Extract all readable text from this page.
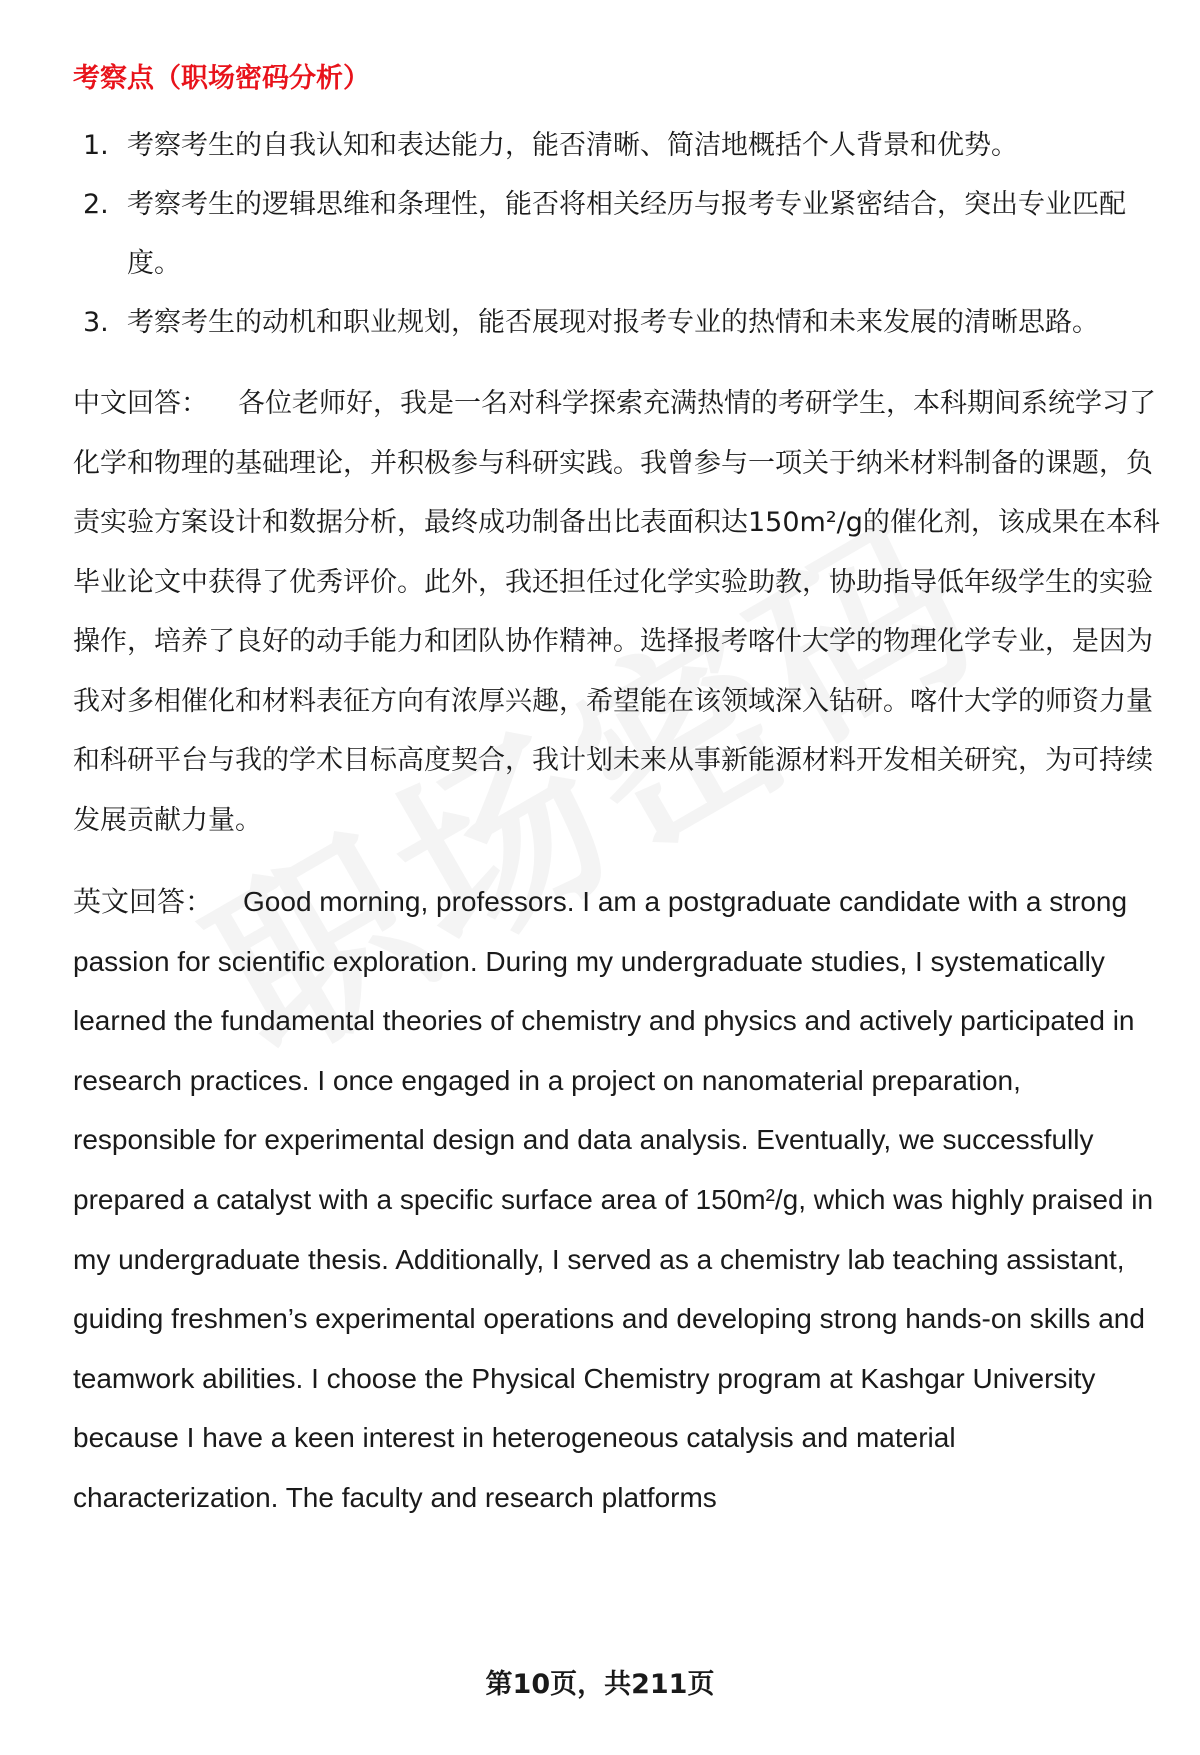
考察点（职场密码分析）
1. 考察考生的自我认知和表达能力，能否清晰、简洁地概括个人背景和优势。
2. 考察考生的逻辑思维和条理性，能否将相关经历与报考专业紧密结合，突出专业匹配度。
3. 考察考生的动机和职业规划，能否展现对报考专业的热情和未来发展的清晰思路。

中文回答： 各位老师好，我是一名对科学探索充满热情的考研学生，本科期间系统学习了化学和物理的基础理论，并积极参与科研实践。我曾参与一项关于纳米材料制备的课题，负责实验方案设计和数据分析，最终成功制备出比表面积达150m²/g的催化剂，该成果在本科毕业论文中获得了优秀评价。此外，我还担任过化学实验助教，协助指导低年级学生的实验操作，培养了良好的动手能力和团队协作精神。选择报考喀什大学的物理化学专业，是因为我对多相催化和材料表征方向有浓厚兴趣，希望能在该领域深入钻研。喀什大学的师资力量和科研平台与我的学术目标高度契合，我计划未来从事新能源材料开发相关研究，为可持续发展贡献力量。

英文回答： Good morning, professors. I am a postgraduate candidate with a strong passion for scientific exploration. During my undergraduate studies, I systematically learned the fundamental theories of chemistry and physics and actively participated in research practices. I once engaged in a project on nanomaterial preparation, responsible for experimental design and data analysis. Eventually, we successfully prepared a catalyst with a specific surface area of 150m²/g, which was highly praised in my undergraduate thesis. Additionally, I served as a chemistry lab teaching assistant, guiding freshmen’s experimental operations and developing strong hands-on skills and teamwork abilities. I choose the Physical Chemistry program at Kashgar University because I have a keen interest in heterogeneous catalysis and material characterization. The faculty and research platforms

第10页，共211页
